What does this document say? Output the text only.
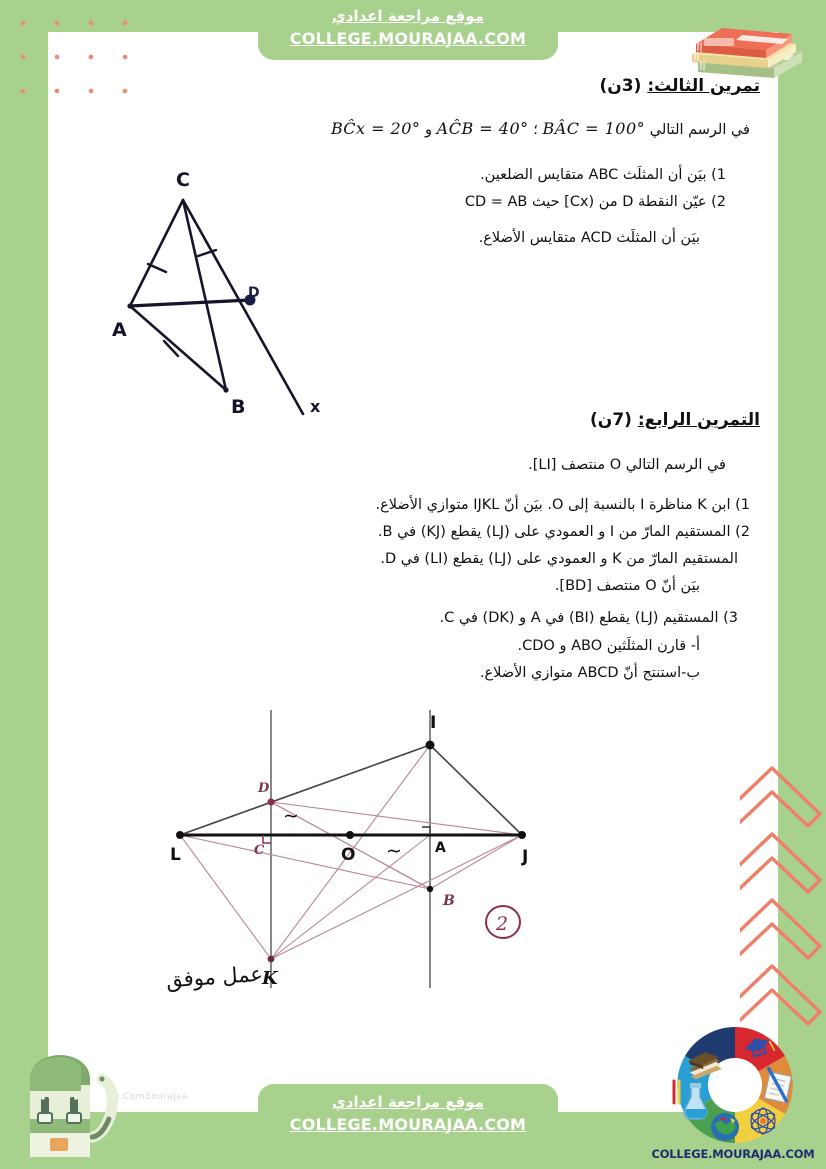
موقع مراجعة اعدادي
COLLEGE.MOURAJAA.COM
تمرين الثالث: (3ن)
في الرسم التالي BÂC = 100° ؛ AĈB = 40° و BĈx = 20°
1) بيَن أن المثلَث ABC متقايس الضلعين.
2) عيّن النقطة D من (Cx] حيث CD = AB
بيَن أن المثلَث ACD متقايس الأضلاع.
C
A
B
D
x
التمرين الرابع: (7ن)
في الرسم التالي O منتصف [LI].
1) ابن K مناظرة I بالنسبة إلى O. بيَن أنّ IJKL متوازي الأضلاع.
2) المستقيم المارّ من I و العمودي على (LJ) يقطع (KJ) في B.
المستقيم المارّ من K و العمودي على (LJ) يقطع (LI) في D.
بيَن أنّ O منتصف [BD].
3) المستقيم (LJ) يقطع (BI) في A و (DK) في C.
أ- قارن المثلَثين ABO و CDO.
ب-استنتج أنّ ABCD متوازي الأضلاع.
∼
∼
L	J
I
K
O	A
B
C
D
2
عمل موفق
ge.Com5ourajaa
COLLEGE.MOURAJAA.COM
موقع مراجعة اعدادي
COLLEGE.MOURAJAA.COM
